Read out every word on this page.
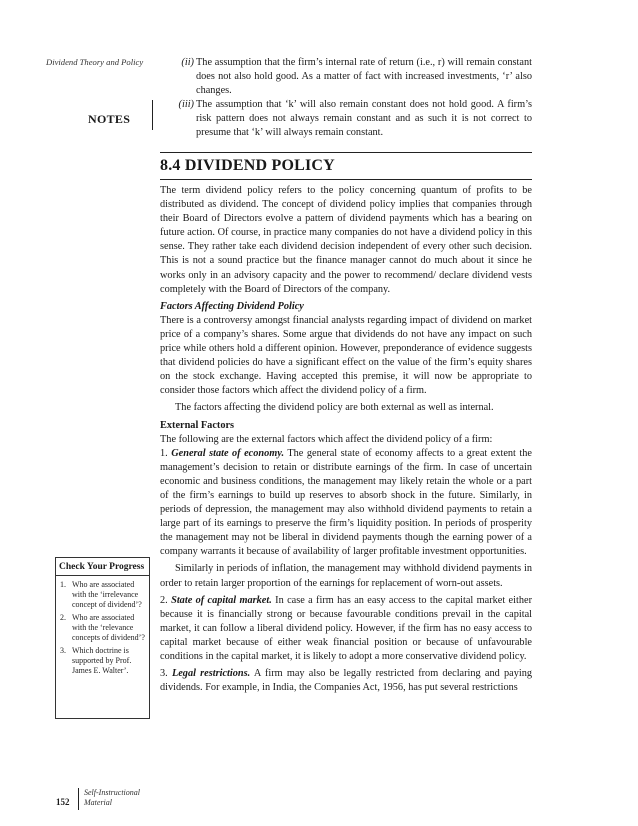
Dividend Theory and Policy
NOTES

(ii) The assumption that the firm’s internal rate of return (i.e., r) will remain constant does not also hold good. As a matter of fact with increased investments, ‘r’ also changes.

(iii) The assumption that ‘k’ will also remain constant does not hold good. A firm’s risk pattern does not always remain constant and as such it is not correct to presume that ‘k’ will always remain constant.

8.4 DIVIDEND POLICY

The term dividend policy refers to the policy concerning quantum of profits to be distributed as dividend. The concept of dividend policy implies that companies through their Board of Directors evolve a pattern of dividend payments which has a bearing on future action. Of course, in practice many companies do not have a dividend policy in this sense. They rather take each dividend decision independent of every other such decision. This is not a sound practice but the finance manager cannot do much about it since he works only in an advisory capacity and the power to recommend/ declare dividend vests completely with the Board of Directors of the company.

Factors Affecting Dividend Policy

There is a controversy amongst financial analysts regarding impact of dividend on market price of a company’s shares. Some argue that dividends do not have any impact on such price while others hold a different opinion. However, preponderance of evidence suggests that dividend policies do have a significant effect on the value of the firm’s equity shares on the stock exchange. Having accepted this premise, it will now be appropriate to consider those factors which affect the dividend policy of a firm.

The factors affecting the dividend policy are both external as well as internal.

External Factors

The following are the external factors which affect the dividend policy of a firm:

1. General state of economy. The general state of economy affects to a great extent the management’s decision to retain or distribute earnings of the firm. In case of uncertain economic and business conditions, the management may likely retain the whole or a part of the firm’s earnings to build up reserves to absorb shock in the future. Similarly, in periods of depression, the management may also withhold dividend payments to retain a large part of its earnings to preserve the firm’s liquidity position. In periods of prosperity the management may not be liberal in dividend payments though the earning power of a company warrants it because of availability of larger profitable investment opportunities.

Similarly in periods of inflation, the management may withhold dividend payments in order to retain larger proportion of the earnings for replacement of worn-out assets.

2. State of capital market. In case a firm has an easy access to the capital market either because it is financially strong or because favourable conditions prevail in the capital market, it can follow a liberal dividend policy. However, if the firm has no easy access to capital market because of either weak financial position or because of unfavourable conditions in the capital market, it is likely to adopt a more conservative dividend policy.

3. Legal restrictions. A firm may also be legally restricted from declaring and paying dividends. For example, in India, the Companies Act, 1956, has put several restrictions

Check Your Progress
1. Who are associated with the ‘irrelevance concept of dividend’?
2. Who are associated with the ‘relevance concepts of dividend’?
3. Which doctrine is supported by Prof. James E. Walter’.
Self-Instructional
Material
152
